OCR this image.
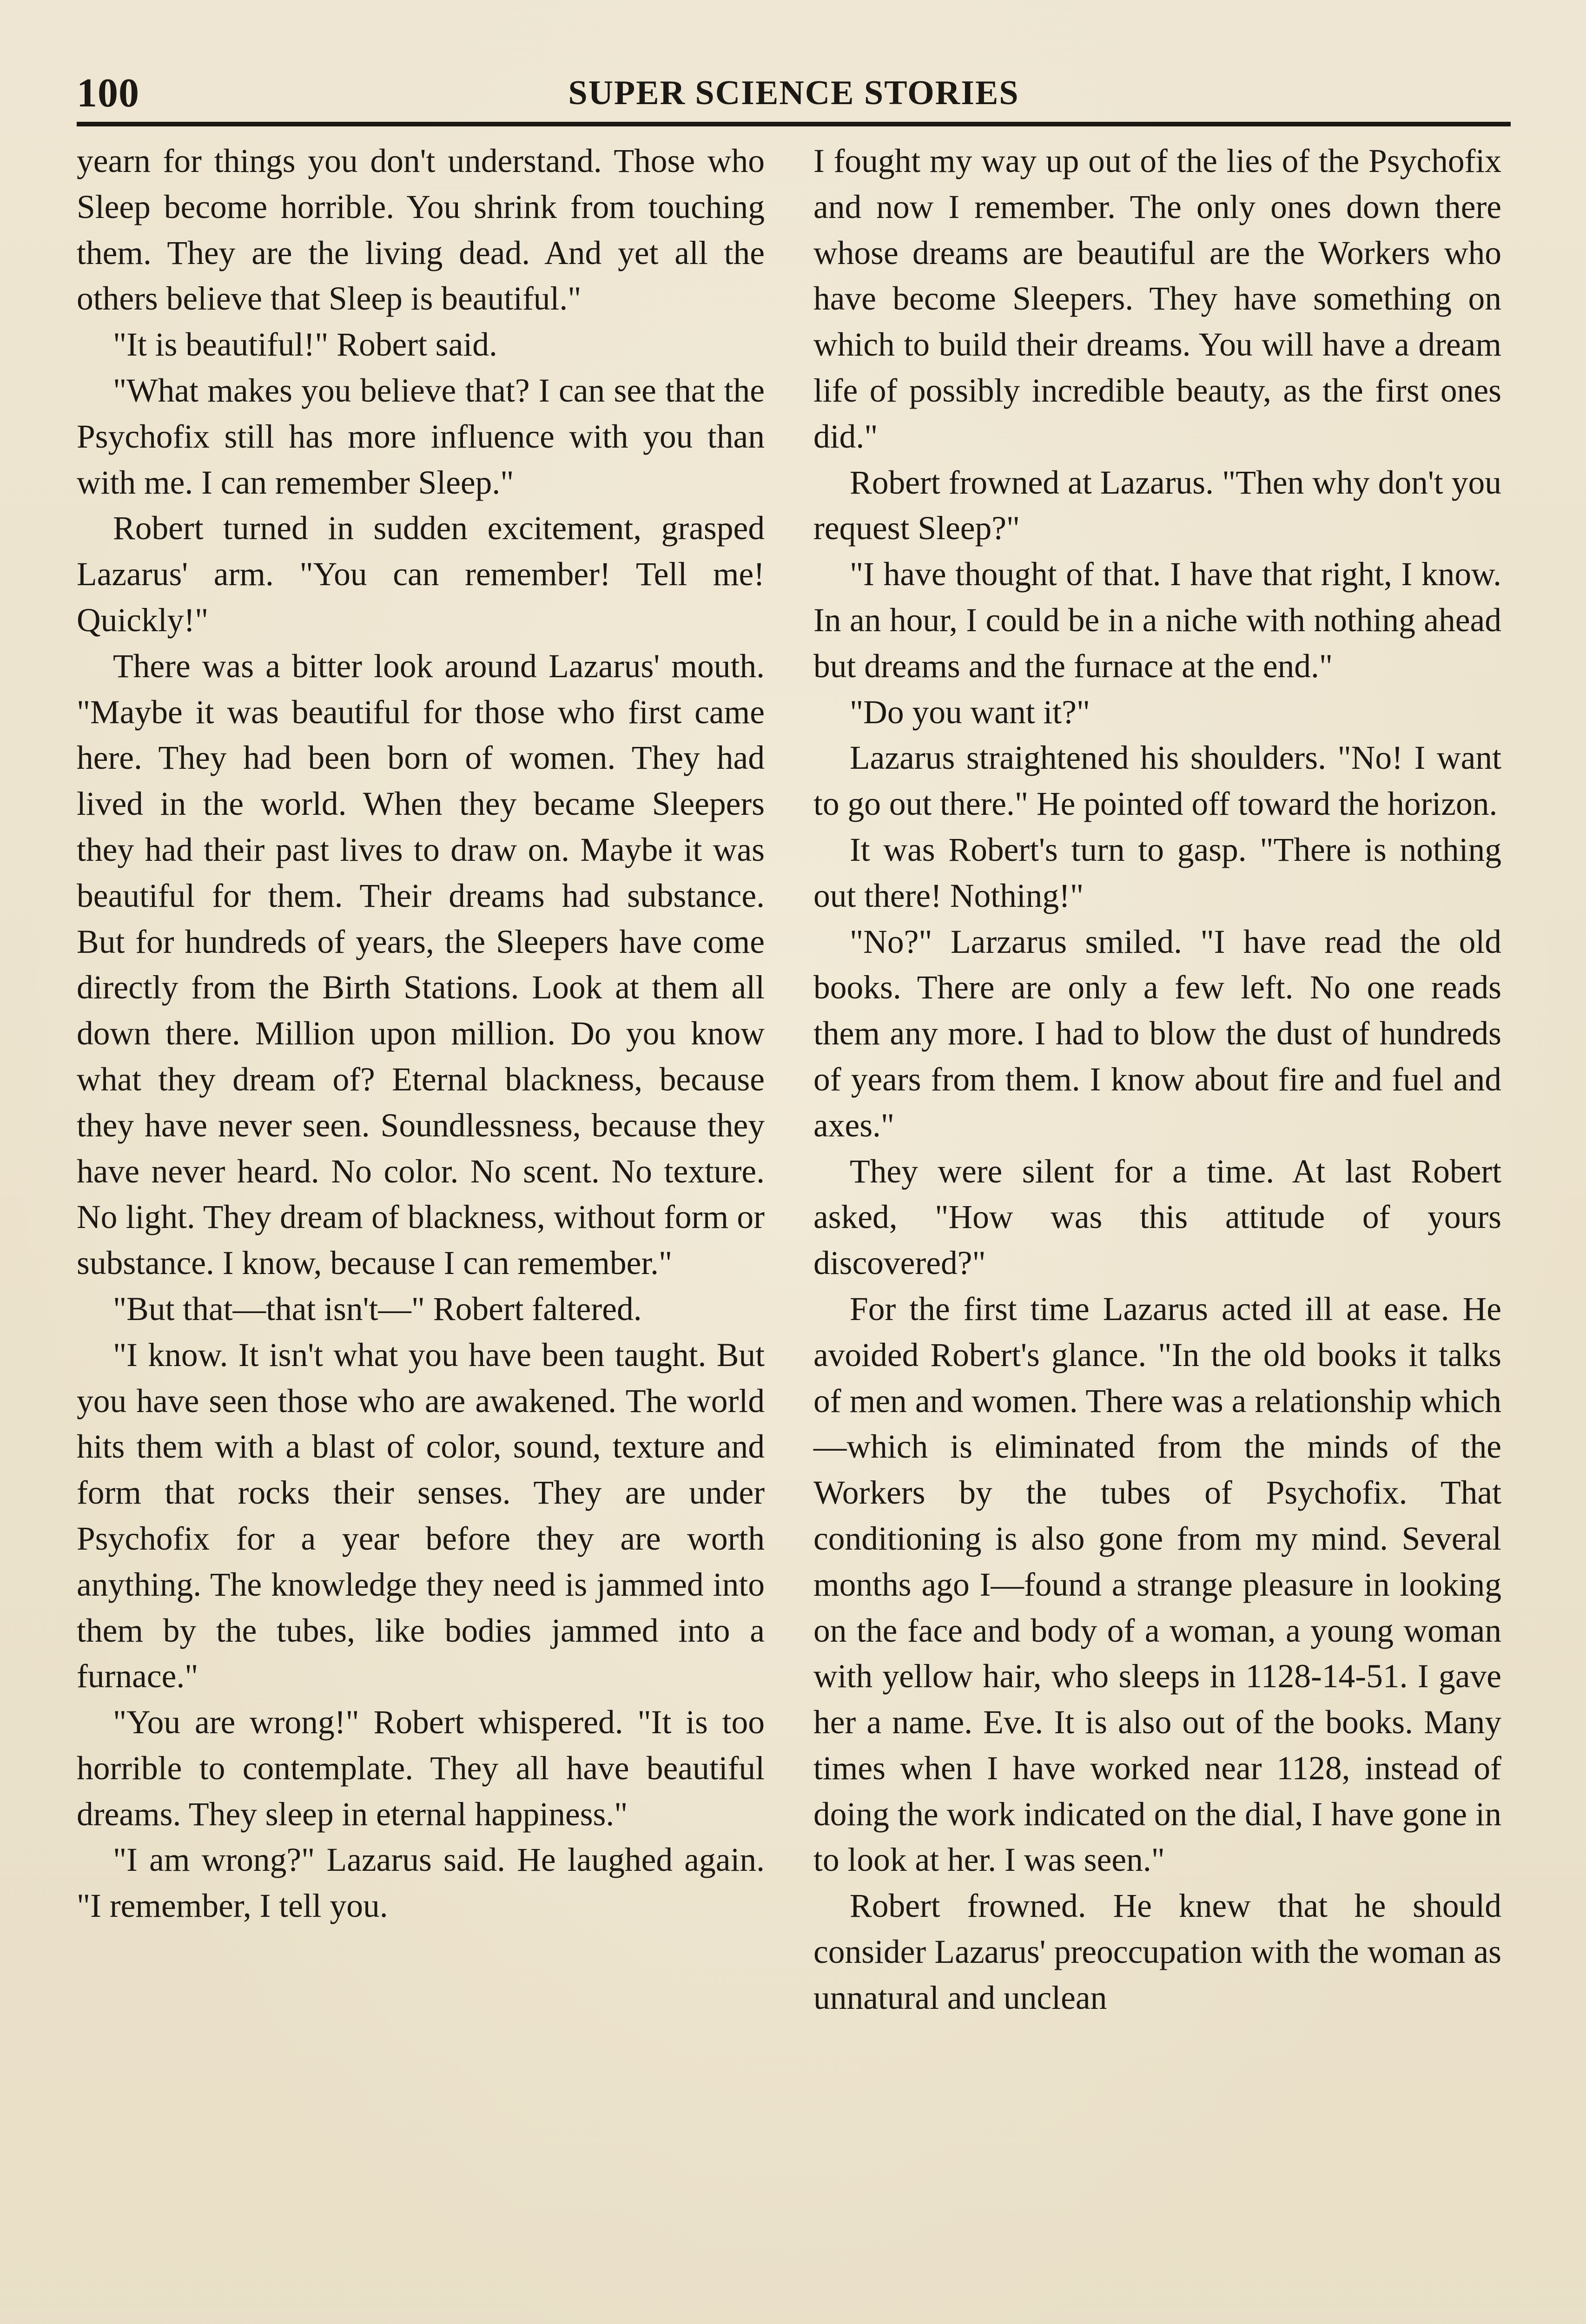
100	SUPER SCIENCE STORIES

yearn for things you don't understand. Those who Sleep become horrible. You shrink from touching them. They are the living dead. And yet all the others believe that Sleep is beautiful."

"It is beautiful!" Robert said.

"What makes you believe that? I can see that the Psychofix still has more influence with you than with me. I can remember Sleep."

Robert turned in sudden excitement, grasped Lazarus' arm. "You can remember! Tell me! Quickly!"

There was a bitter look around Lazarus' mouth. "Maybe it was beautiful for those who first came here. They had been born of women. They had lived in the world. When they became Sleepers they had their past lives to draw on. Maybe it was beautiful for them. Their dreams had substance. But for hundreds of years, the Sleepers have come directly from the Birth Stations. Look at them all down there. Million upon million. Do you know what they dream of? Eternal blackness, because they have never seen. Soundlessness, because they have never heard. No color. No scent. No texture. No light. They dream of blackness, without form or substance. I know, because I can remember."

"But that—that isn't—" Robert faltered.

"I know. It isn't what you have been taught. But you have seen those who are awakened. The world hits them with a blast of color, sound, texture and form that rocks their senses. They are under Psychofix for a year before they are worth anything. The knowledge they need is jammed into them by the tubes, like bodies jammed into a furnace."

"You are wrong!" Robert whispered. "It is too horrible to contemplate. They all have beautiful dreams. They sleep in eternal happiness."

"I am wrong?" Lazarus said. He laughed again. "I remember, I tell you.

I fought my way up out of the lies of the Psychofix and now I remember. The only ones down there whose dreams are beautiful are the Workers who have become Sleepers. They have something on which to build their dreams. You will have a dream life of possibly incredible beauty, as the first ones did."

Robert frowned at Lazarus. "Then why don't you request Sleep?"

"I have thought of that. I have that right, I know. In an hour, I could be in a niche with nothing ahead but dreams and the furnace at the end."

"Do you want it?"

Lazarus straightened his shoulders. "No! I want to go out there." He pointed off toward the horizon.

It was Robert's turn to gasp. "There is nothing out there! Nothing!"

"No?" Larzarus smiled. "I have read the old books. There are only a few left. No one reads them any more. I had to blow the dust of hundreds of years from them. I know about fire and fuel and axes."

They were silent for a time. At last Robert asked, "How was this attitude of yours discovered?"

For the first time Lazarus acted ill at ease. He avoided Robert's glance. "In the old books it talks of men and women. There was a relationship which—which is eliminated from the minds of the Workers by the tubes of Psychofix. That conditioning is also gone from my mind. Several months ago I—found a strange pleasure in looking on the face and body of a woman, a young woman with yellow hair, who sleeps in 1128-14-51. I gave her a name. Eve. It is also out of the books. Many times when I have worked near 1128, instead of doing the work indicated on the dial, I have gone in to look at her. I was seen."

Robert frowned. He knew that he should consider Lazarus' preoccupation with the woman as unnatural and unclean
